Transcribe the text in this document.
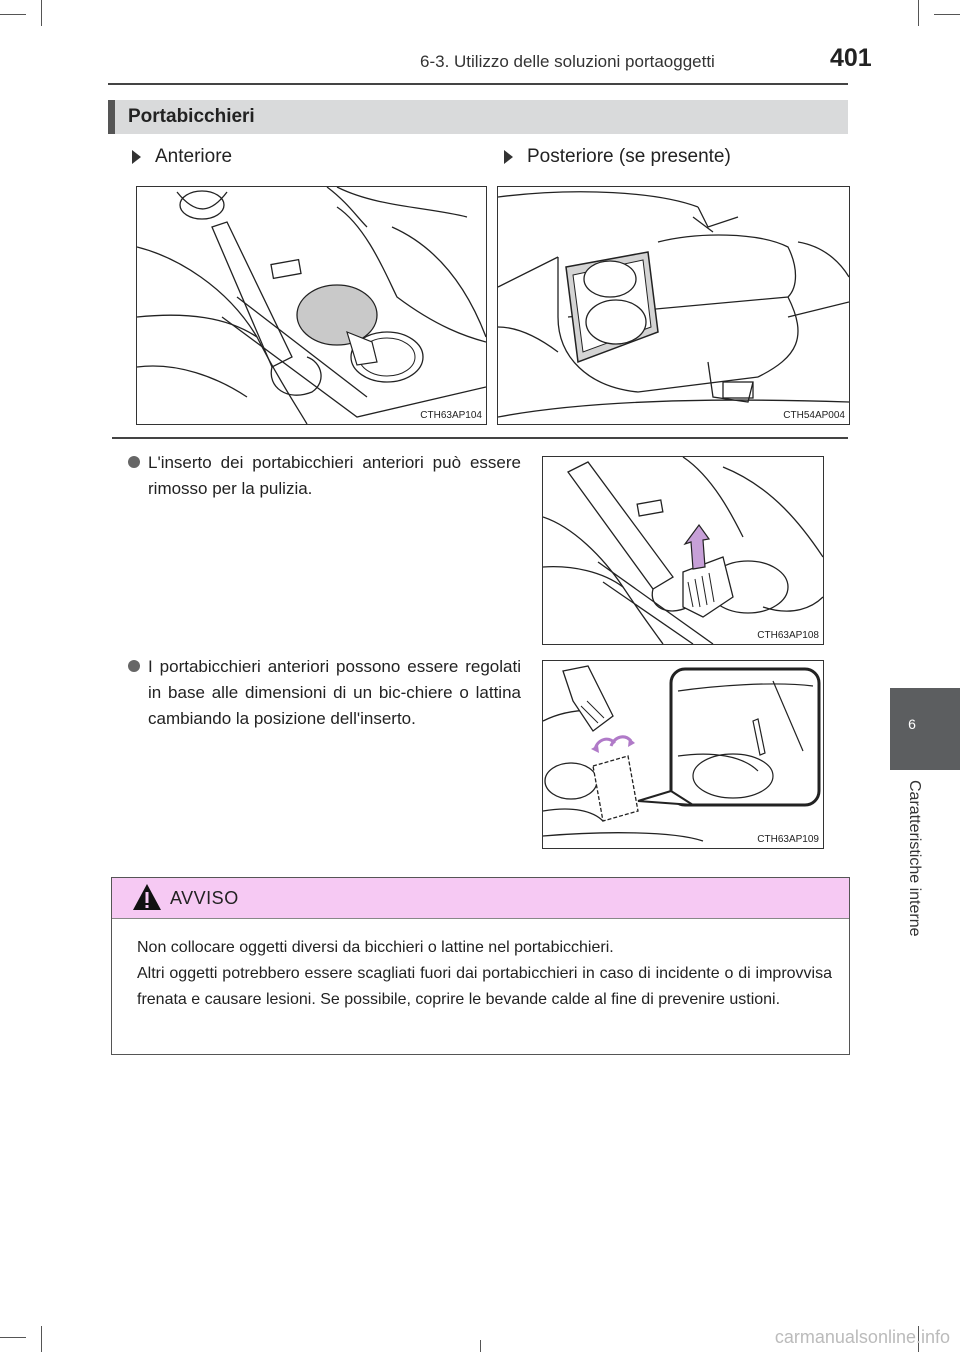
6-3. Utilizzo delle soluzioni portaoggetti	401
Portabicchieri
Anteriore	Posteriore (se presente)
CTH63AP104	CTH54AP004
L'inserto dei portabicchieri anteriori può essere rimosso per la pulizia.
CTH63AP108
I portabicchieri anteriori possono essere regolati in base alle dimensioni di un bic-chiere o lattina cambiando la posizione dell'inserto.
CTH63AP109
6
Caratteristiche interne
AVVISO
Non collocare oggetti diversi da bicchieri o lattine nel portabicchieri.
Altri oggetti potrebbero essere scagliati fuori dai portabicchieri in caso di incidente o di improvvisa frenata e causare lesioni. Se possibile, coprire le bevande calde al fine di prevenire ustioni.
carmanualsonline.info
